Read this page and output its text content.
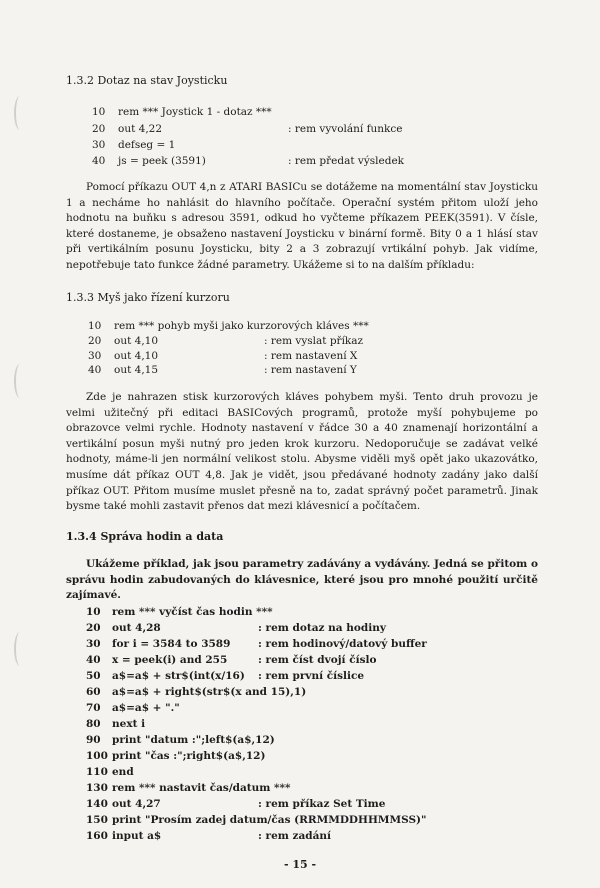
1.3.2 Dotaz na stav Joysticku
10 rem *** Joystick 1 - dotaz ***
20 out 4,22	: rem vyvolání funkce
30 defseg = 1
40 js = peek (3591)	: rem předat výsledek
Pomocí příkazu OUT 4,n z ATARI BASICu se dotážeme na momentální stav Joysticku 1 a necháme ho nahlásit do hlavního počítače. Operační systém přitom uloží jeho hodnotu na buňku s adresou 3591, odkud ho vyčteme příkazem PEEK(3591). V čísle, které dostaneme, je obsaženo nastavení Joysticku v binární formě. Bity 0 a 1 hlásí stav při vertikálním posunu Joysticku, bity 2 a 3 zobrazují vrtikální pohyb. Jak vidíme, nepotřebuje tato funkce žádné parametry. Ukážeme si to na dalším příkladu:
1.3.3 Myš jako řízení kurzoru
10 rem *** pohyb myši jako kurzorových kláves ***
20 out 4,10	: rem vyslat příkaz
30 out 4,10	: rem nastavení X
40 out 4,15	: rem nastavení Y
Zde je nahrazen stisk kurzorových kláves pohybem myši. Tento druh provozu je velmi užitečný při editaci BASICových programů, protože myší pohybujeme po obrazovce velmi rychle. Hodnoty nastavení v řádce 30 a 40 znamenají horizontální a vertikální posun myši nutný pro jeden krok kurzoru. Nedoporučuje se zadávat velké hodnoty, máme-li jen normální velikost stolu. Abysme viděli myš opět jako ukazovátko, musíme dát příkaz OUT 4,8. Jak je vidět, jsou předávané hodnoty zadány jako další příkaz OUT. Přitom musíme muslet přesně na to, zadat správný počet parametrů. Jinak bysme také mohli zastavit přenos dat mezi klávesnicí a počítačem.
1.3.4 Správa hodin a data
Ukážeme příklad, jak jsou parametry zadávány a vydávány. Jedná se přitom o správu hodin zabudovaných do klávesnice, které jsou pro mnohé použití určitě zajímavé.
10 rem *** vyčíst čas hodin ***
20 out 4,28	: rem dotaz na hodiny
30 for i = 3584 to 3589	: rem hodinový/datový buffer
40 x = peek(i) and 255	: rem číst dvojí číslo
50 a$=a$ + str$(int(x/16) : rem první číslice
60 a$=a$ + right$(str$(x and 15),1)
70 a$=a$ + "."
80 next i
90 print "datum :";left$(a$,12)
100 print "čas :";right$(a$,12)
110 end
130 rem *** nastavit čas/datum ***
140 out 4,27	: rem příkaz Set Time
150 print "Prosím zadej datum/čas (RRMMDDHHMMSS)"
160 input a$	: rem zadání
- 15 -
